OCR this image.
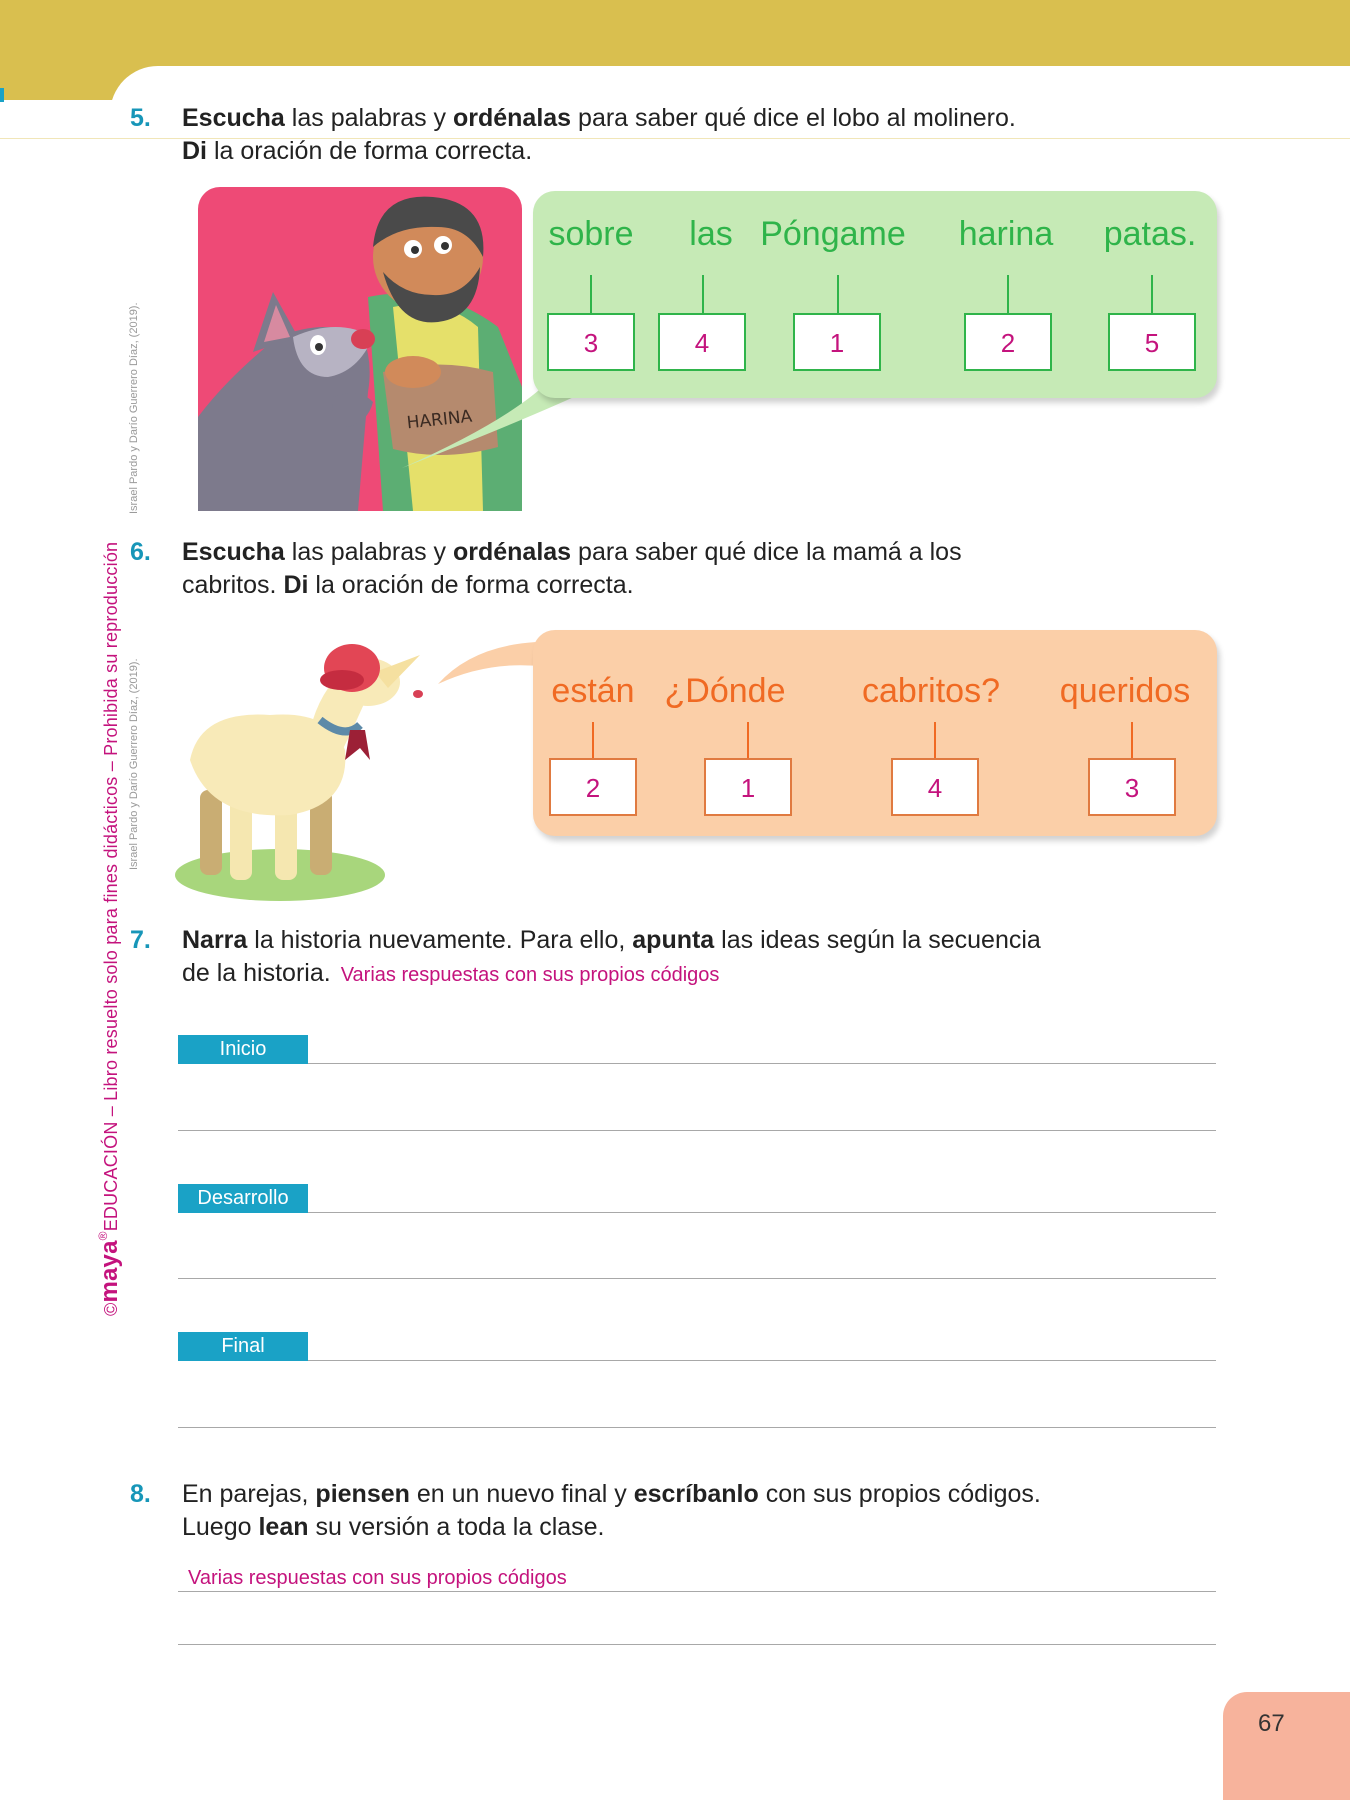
©maya®EDUCACIÓN – Libro resuelto solo para fines didácticos – Prohibida su reproducción
Israel Pardo y Darío Guerrero Díaz, (2019).
Israel Pardo y Darío Guerrero Díaz, (2019).
5. Escucha las palabras y ordénalas para saber qué dice el lobo al molinero.
Di la oración de forma correcta.
HARINA
sobre
3
las
4
Póngame
1
harina
2
patas.
5
6. Escucha las palabras y ordénalas para saber qué dice la mamá a los
cabritos. Di la oración de forma correcta.
están
2
¿Dónde
1
cabritos?
4
queridos
3
7. Narra la historia nuevamente. Para ello, apunta las ideas según la secuencia
de la historia. Varias respuestas con sus propios códigos
Inicio
Desarrollo
Final
8. En parejas, piensen en un nuevo final y escríbanlo con sus propios códigos.
Luego lean su versión a toda la clase.
Varias respuestas con sus propios códigos
67
